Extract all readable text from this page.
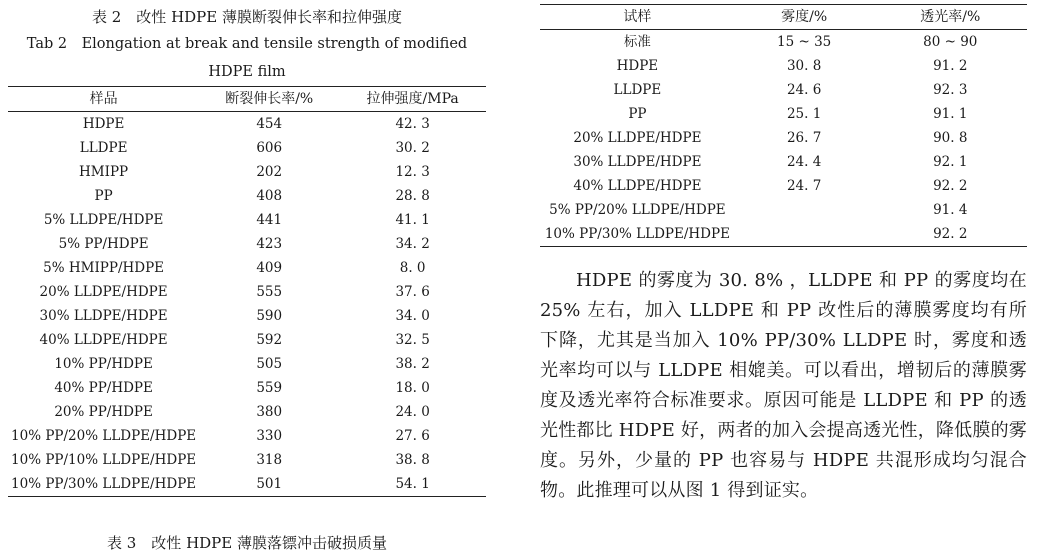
表 2　改性 HDPE 薄膜断裂伸长率和拉伸强度
Tab 2　Elongation at break and tensile strength of modified HDPE film
样品	断裂伸长率/%	拉伸强度/MPa
HDPE	454	42. 3
LLDPE	606	30. 2
HMIPP	202	12. 3
PP	408	28. 8
5% LLDPE/HDPE	441	41. 1
5% PP/HDPE	423	34. 2
5% HMIPP/HDPE	409	8. 0
20% LLDPE/HDPE	555	37. 6
30% LLDPE/HDPE	590	34. 0
40% LLDPE/HDPE	592	32. 5
10% PP/HDPE	505	38. 2
40% PP/HDPE	559	18. 0
20% PP/HDPE	380	24. 0
10% PP/20% LLDPE/HDPE	330	27. 6
10% PP/10% LLDPE/HDPE	318	38. 8
10% PP/30% LLDPE/HDPE	501	54. 1
表 3　改性 HDPE 薄膜落镖冲击破损质量
试样	雾度/%	透光率/%
标准	15 ~ 35	80 ~ 90
HDPE	30. 8	91. 2
LLDPE	24. 6	92. 3
PP	25. 1	91. 1
20% LLDPE/HDPE	26. 7	90. 8
30% LLDPE/HDPE	24. 4	92. 1
40% LLDPE/HDPE	24. 7	92. 2
5% PP/20% LLDPE/HDPE		91. 4
10% PP/30% LLDPE/HDPE		92. 2
HDPE 的雾度为 30. 8% ，LLDPE 和 PP 的雾度均在 25% 左右，加入 LLDPE 和 PP 改性后的薄膜雾度均有所下降，尤其是当加入 10% PP/30% LLDPE 时，雾度和透光率均可以与 LLDPE 相媲美。可以看出，增韧后的薄膜雾度及透光率符合标准要求。原因可能是 LLDPE 和 PP 的透光性都比 HDPE 好，两者的加入会提高透光性，降低膜的雾度。另外，少量的 PP 也容易与 HDPE 共混形成均匀混合物。此推理可以从图 1 得到证实。
